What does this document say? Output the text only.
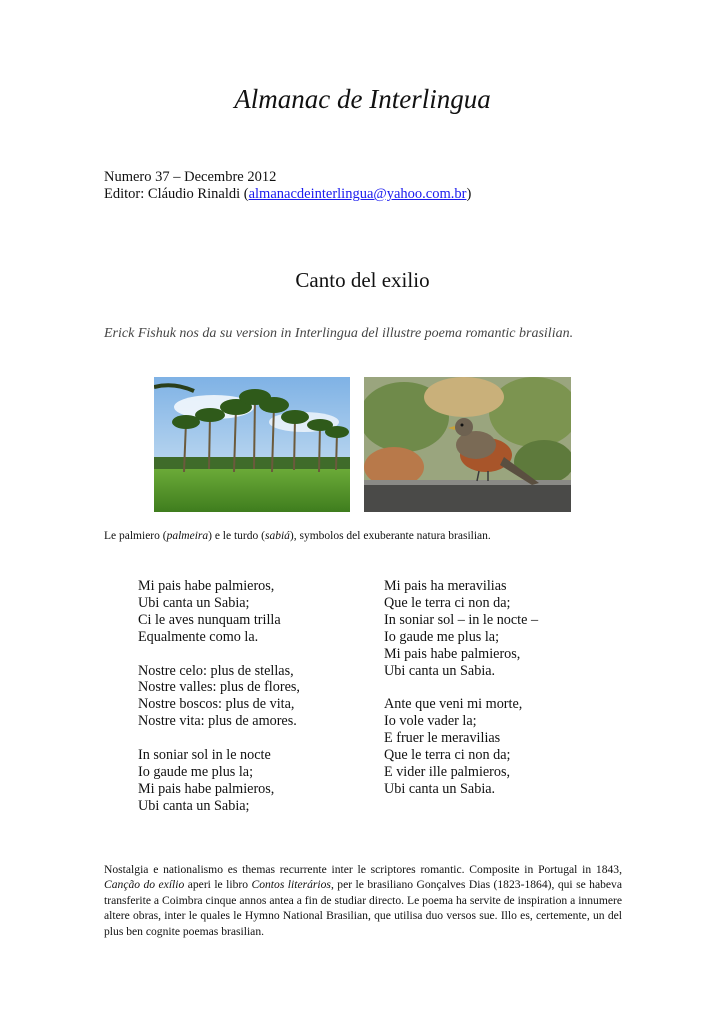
Almanac de Interlingua
Numero 37 – Decembre 2012
Editor: Cláudio Rinaldi (almanacdeinterlingua@yahoo.com.br)
Canto del exilio
Erick Fishuk nos da su version in Interlingua del illustre poema romantic brasilian.
Le palmiero (palmeira) e le turdo (sabiá), symbolos del exuberante natura brasilian.
Mi pais habe palmieros,
Ubi canta un Sabia;
Ci le aves nunquam trilla
Equalmente como la.
Nostre celo: plus de stellas,
Nostre valles: plus de flores,
Nostre boscos: plus de vita,
Nostre vita: plus de amores.
In soniar sol in le nocte
Io gaude me plus la;
Mi pais habe palmieros,
Ubi canta un Sabia;
Mi pais ha meravilias
Que le terra ci non da;
In soniar sol – in le nocte –
Io gaude me plus la;
Mi pais habe palmieros,
Ubi canta un Sabia.
Ante que veni mi morte,
Io vole vader la;
E fruer le meravilias
Que le terra ci non da;
E vider ille palmieros,
Ubi canta un Sabia.
Nostalgia e nationalismo es themas recurrente inter le scriptores romantic. Composite in Portugal in 1843, Canção do exílio aperi le libro Contos literários, per le brasiliano Gonçalves Dias (1823-1864), qui se habeva transferite a Coimbra cinque annos antea a fin de studiar directo. Le poema ha servite de inspiration a innumere altere obras, inter le quales le Hymno National Brasilian, que utilisa duo versos sue. Illo es, certemente, un del plus ben cognite poemas brasilian.
